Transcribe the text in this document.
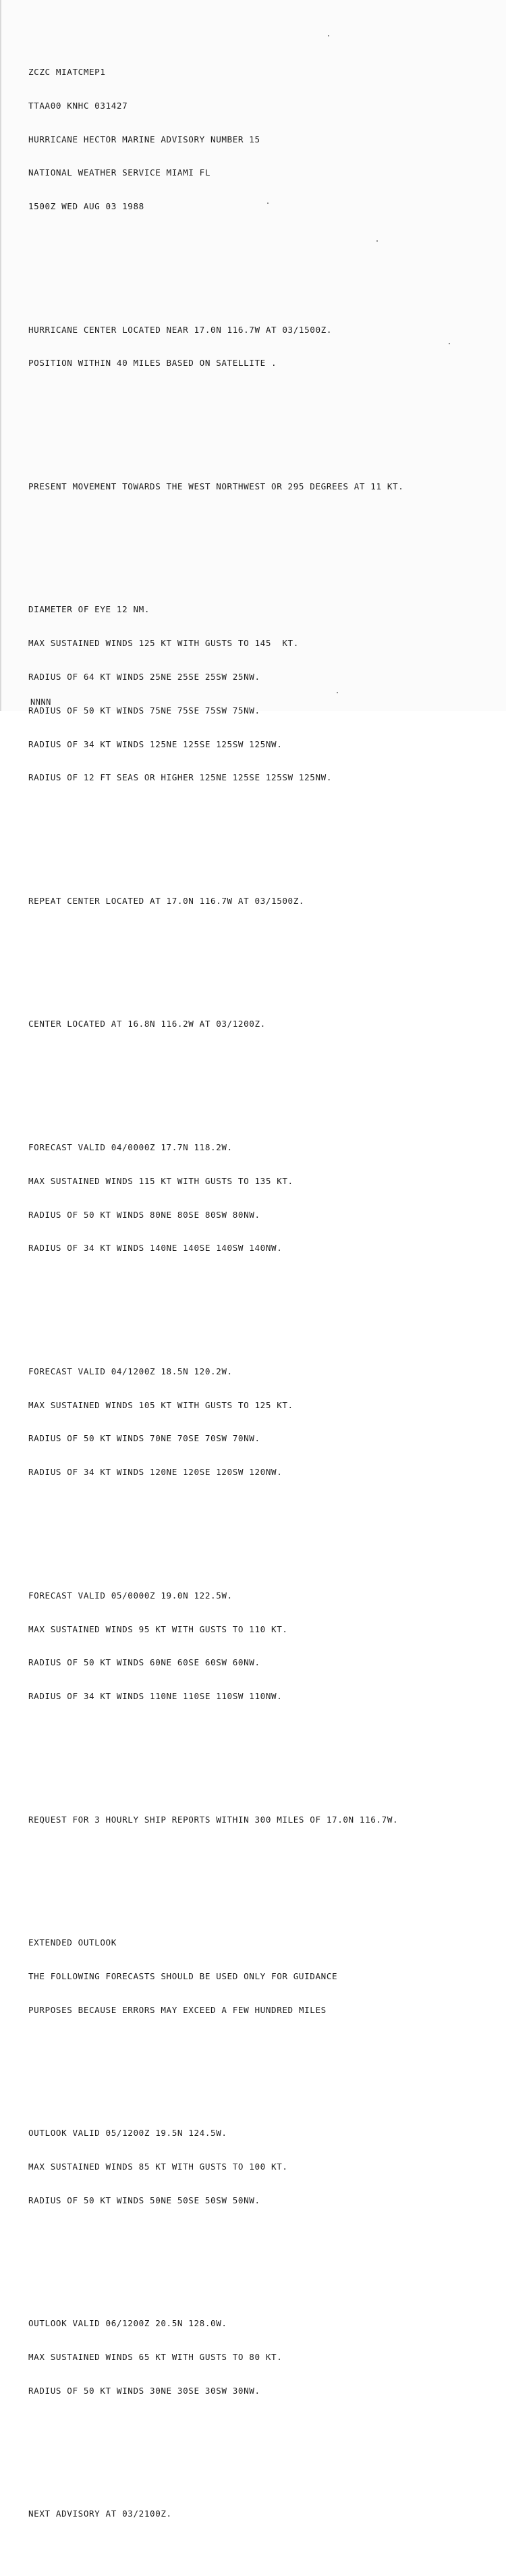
ZCZC MIATCMEP1

TTAA00 KNHC 031427

HURRICANE HECTOR MARINE ADVISORY NUMBER 15

NATIONAL WEATHER SERVICE MIAMI FL

1500Z WED AUG 03 1988

HURRICANE CENTER LOCATED NEAR 17.0N 116.7W AT 03/1500Z.

POSITION WITHIN 40 MILES BASED ON SATELLITE .

PRESENT MOVEMENT TOWARDS THE WEST NORTHWEST OR 295 DEGREES AT 11 KT.

DIAMETER OF EYE 12 NM.

MAX SUSTAINED WINDS 125 KT WITH GUSTS TO 145  KT.

RADIUS OF 64 KT WINDS 25NE 25SE 25SW 25NW.

RADIUS OF 50 KT WINDS 75NE 75SE 75SW 75NW.

RADIUS OF 34 KT WINDS 125NE 125SE 125SW 125NW.

RADIUS OF 12 FT SEAS OR HIGHER 125NE 125SE 125SW 125NW.

REPEAT CENTER LOCATED AT 17.0N 116.7W AT 03/1500Z.

CENTER LOCATED AT 16.8N 116.2W AT 03/1200Z.

FORECAST VALID 04/0000Z 17.7N 118.2W.

MAX SUSTAINED WINDS 115 KT WITH GUSTS TO 135 KT.

RADIUS OF 50 KT WINDS 80NE 80SE 80SW 80NW.

RADIUS OF 34 KT WINDS 140NE 140SE 140SW 140NW.

FORECAST VALID 04/1200Z 18.5N 120.2W.

MAX SUSTAINED WINDS 105 KT WITH GUSTS TO 125 KT.

RADIUS OF 50 KT WINDS 70NE 70SE 70SW 70NW.

RADIUS OF 34 KT WINDS 120NE 120SE 120SW 120NW.

FORECAST VALID 05/0000Z 19.0N 122.5W.

MAX SUSTAINED WINDS 95 KT WITH GUSTS TO 110 KT.

RADIUS OF 50 KT WINDS 60NE 60SE 60SW 60NW.

RADIUS OF 34 KT WINDS 110NE 110SE 110SW 110NW.

REQUEST FOR 3 HOURLY SHIP REPORTS WITHIN 300 MILES OF 17.0N 116.7W.

EXTENDED OUTLOOK

THE FOLLOWING FORECASTS SHOULD BE USED ONLY FOR GUIDANCE

PURPOSES BECAUSE ERRORS MAY EXCEED A FEW HUNDRED MILES

OUTLOOK VALID 05/1200Z 19.5N 124.5W.

MAX SUSTAINED WINDS 85 KT WITH GUSTS TO 100 KT.

RADIUS OF 50 KT WINDS 50NE 50SE 50SW 50NW.

OUTLOOK VALID 06/1200Z 20.5N 128.0W.

MAX SUSTAINED WINDS 65 KT WITH GUSTS TO 80 KT.

RADIUS OF 50 KT WINDS 30NE 30SE 30SW 30NW.

NEXT ADVISORY AT 03/2100Z.

NNNN
